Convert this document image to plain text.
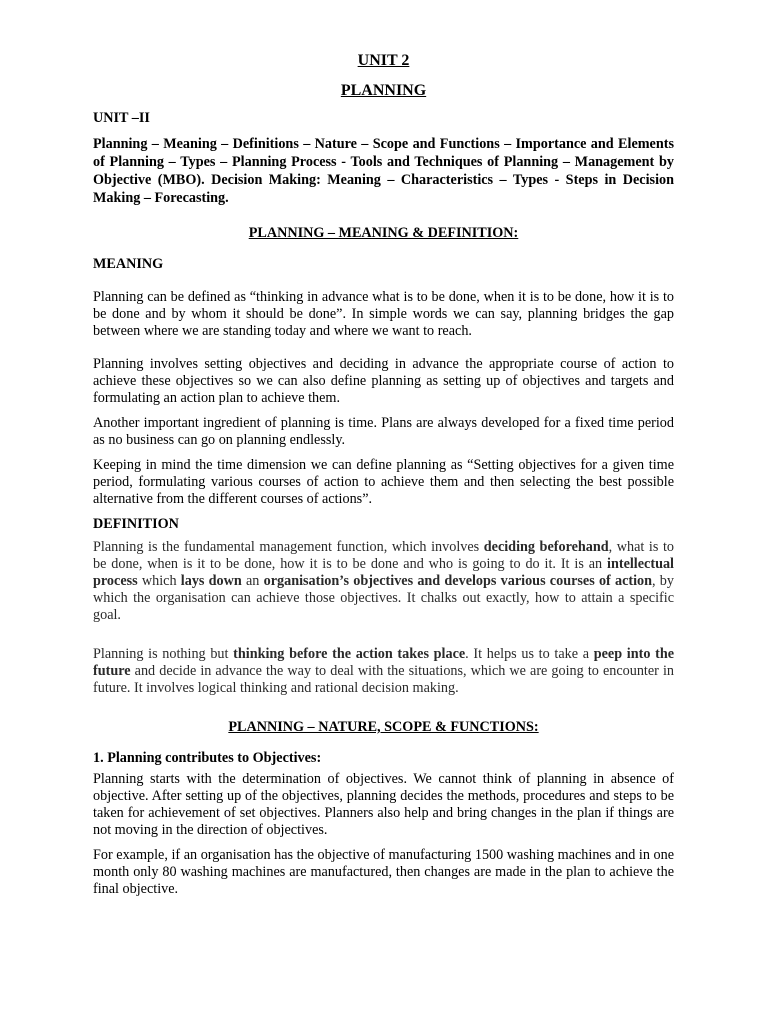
UNIT 2
PLANNING
UNIT –II

Planning – Meaning – Definitions – Nature – Scope and Functions – Importance and Elements of Planning – Types – Planning Process - Tools and Techniques of Planning – Management by Objective (MBO). Decision Making: Meaning – Characteristics – Types - Steps in Decision Making – Forecasting.

PLANNING – MEANING & DEFINITION:
MEANING

Planning can be defined as “thinking in advance what is to be done, when it is to be done, how it is to be done and by whom it should be done”. In simple words we can say, planning bridges the gap between where we are standing today and where we want to reach.

Planning involves setting objectives and deciding in advance the appropriate course of action to achieve these objectives so we can also define planning as setting up of objectives and targets and formulating an action plan to achieve them.

Another important ingredient of planning is time. Plans are always developed for a fixed time period as no business can go on planning endlessly.

Keeping in mind the time dimension we can define planning as “Setting objectives for a given time period, formulating various courses of action to achieve them and then selecting the best possible alternative from the different courses of actions”.

DEFINITION

Planning is the fundamental management function, which involves deciding beforehand, what is to be done, when is it to be done, how it is to be done and who is going to do it. It is an intellectual process which lays down an organisation’s objectives and develops various courses of action, by which the organisation can achieve those objectives. It chalks out exactly, how to attain a specific goal.

Planning is nothing but thinking before the action takes place. It helps us to take a peep into the future and decide in advance the way to deal with the situations, which we are going to encounter in future. It involves logical thinking and rational decision making.

PLANNING – NATURE, SCOPE & FUNCTIONS:
1. Planning contributes to Objectives:

Planning starts with the determination of objectives. We cannot think of planning in absence of objective. After setting up of the objectives, planning decides the methods, procedures and steps to be taken for achievement of set objectives. Planners also help and bring changes in the plan if things are not moving in the direction of objectives.

For example, if an organisation has the objective of manufacturing 1500 washing machines and in one month only 80 washing machines are manufactured, then changes are made in the plan to achieve the final objective.
